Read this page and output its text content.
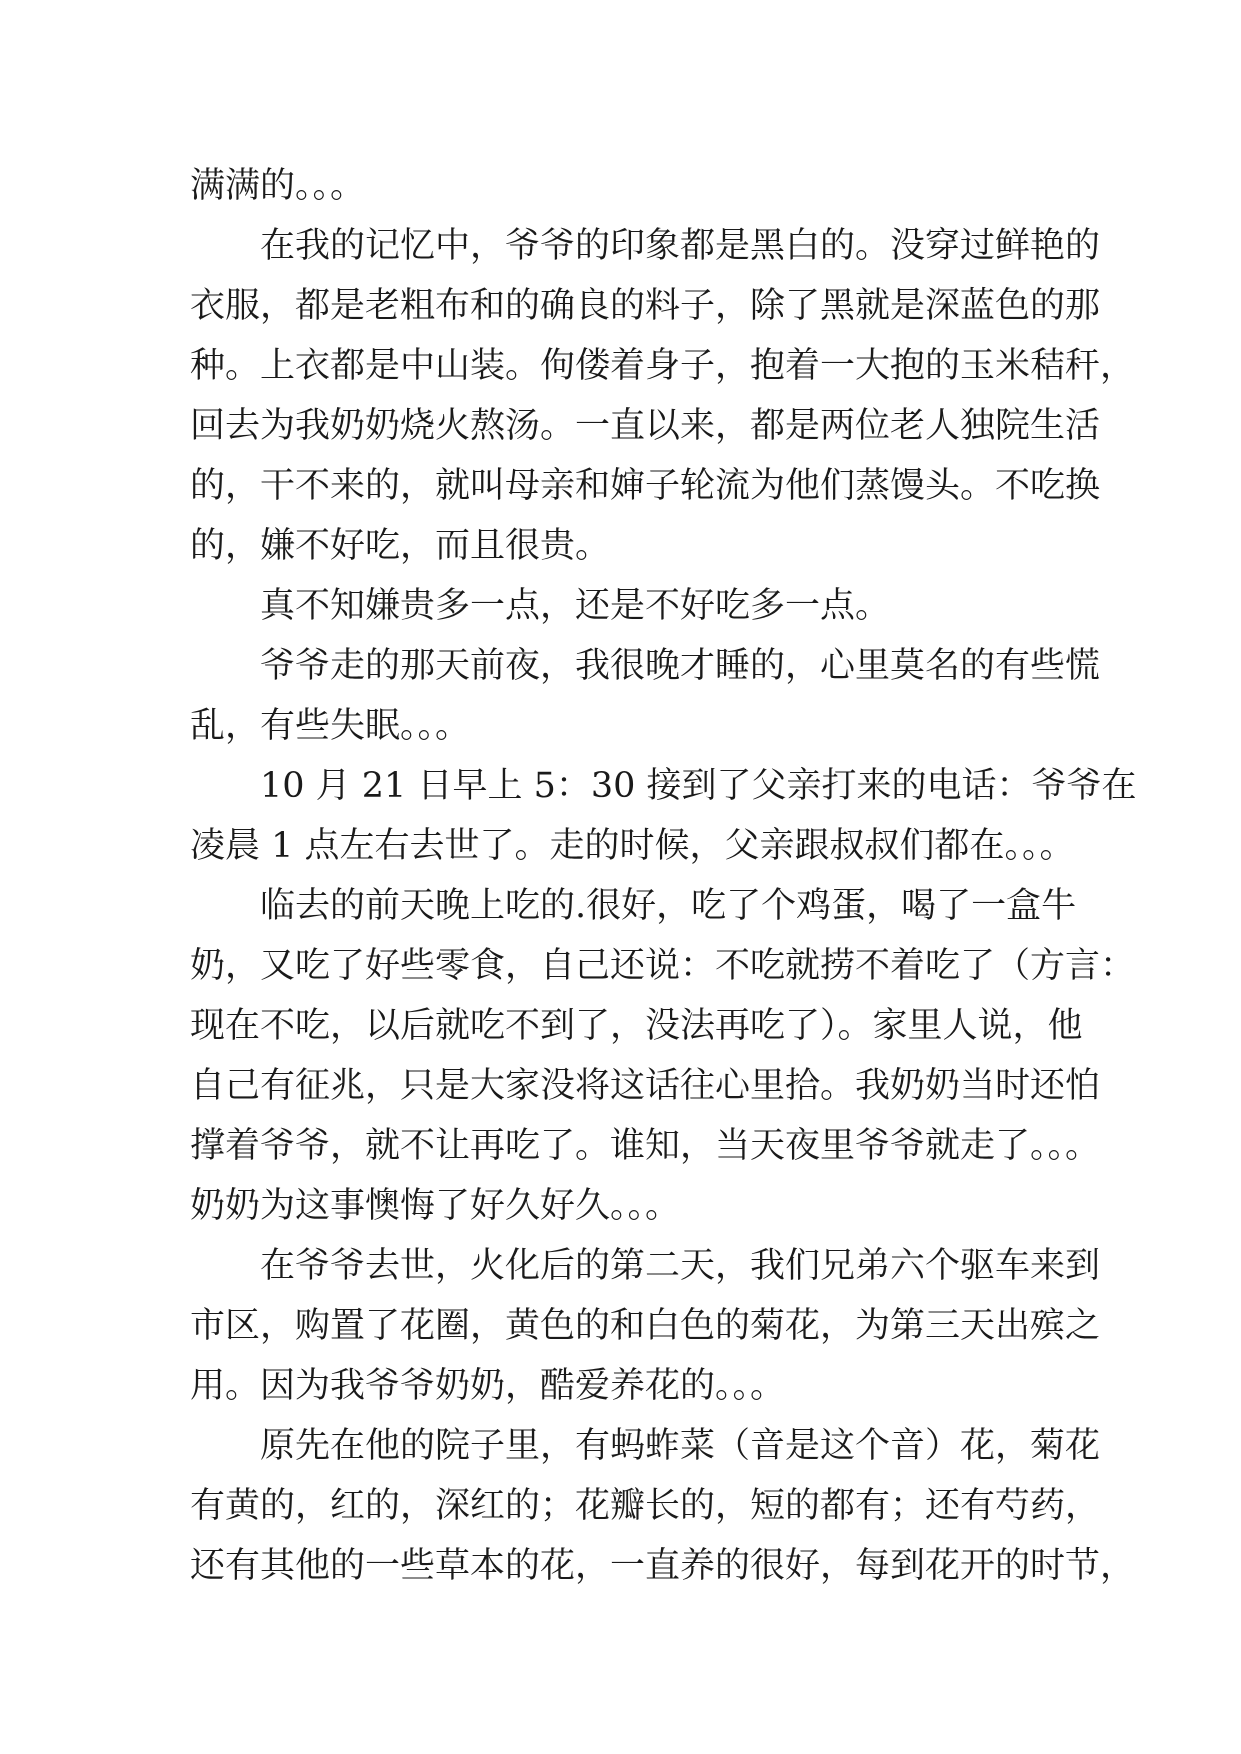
满满的。。。
在我的记忆中，爷爷的印象都是黑白的。没穿过鲜艳的
衣服，都是老粗布和的确良的料子，除了黑就是深蓝色的那
种。上衣都是中山装。佝偻着身子，抱着一大抱的玉米秸秆，
回去为我奶奶烧火熬汤。一直以来，都是两位老人独院生活
的，干不来的，就叫母亲和婶子轮流为他们蒸馒头。不吃换
的，嫌不好吃，而且很贵。
真不知嫌贵多一点，还是不好吃多一点。
爷爷走的那天前夜，我很晚才睡的，心里莫名的有些慌
乱，有些失眠。。。
10 月 21 日早上 5：30 接到了父亲打来的电话：爷爷在
凌晨 1 点左右去世了。走的时候，父亲跟叔叔们都在。。。
临去的前天晚上吃的.很好，吃了个鸡蛋，喝了一盒牛
奶，又吃了好些零食，自己还说：不吃就捞不着吃了（方言：
现在不吃，以后就吃不到了，没法再吃了）。家里人说，他
自己有征兆，只是大家没将这话往心里拾。我奶奶当时还怕
撑着爷爷，就不让再吃了。谁知，当天夜里爷爷就走了。。。
奶奶为这事懊悔了好久好久。。。
在爷爷去世，火化后的第二天，我们兄弟六个驱车来到
市区，购置了花圈，黄色的和白色的菊花，为第三天出殡之
用。因为我爷爷奶奶，酷爱养花的。。。
原先在他的院子里，有蚂蚱菜（音是这个音）花，菊花
有黄的，红的，深红的；花瓣长的，短的都有；还有芍药，
还有其他的一些草本的花，一直养的很好，每到花开的时节，
